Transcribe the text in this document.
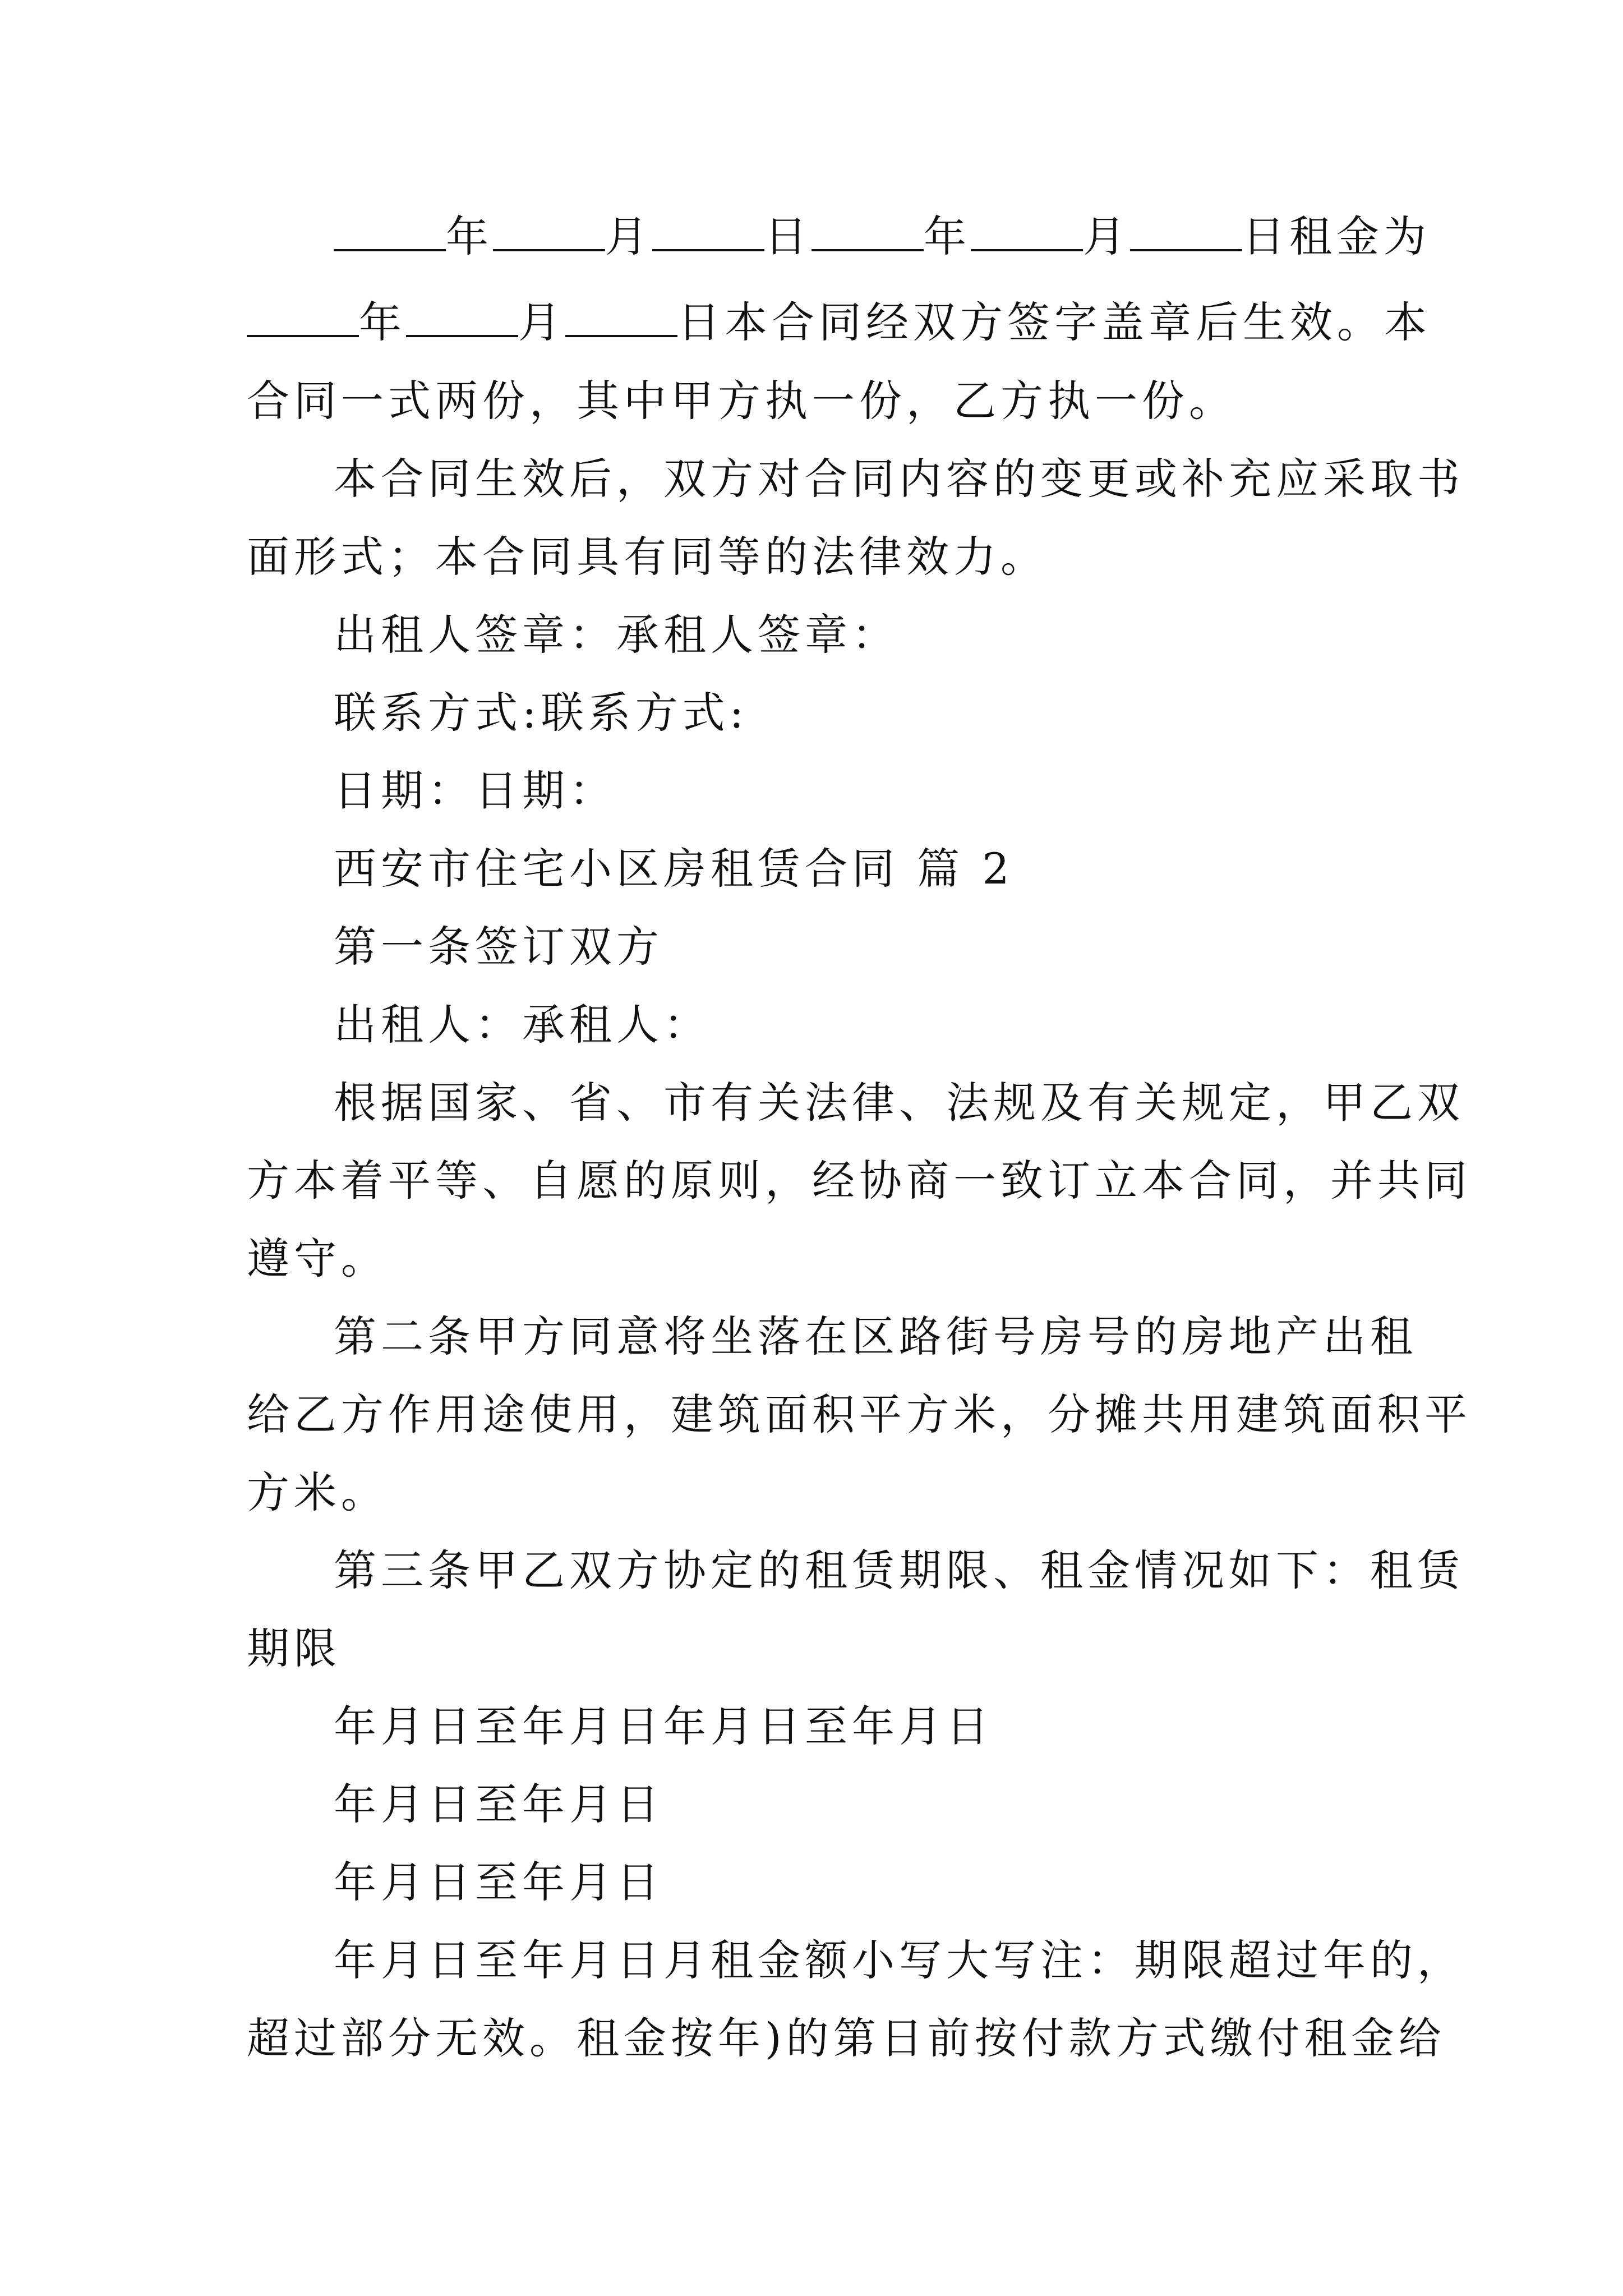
年	月	日	年	月	日租金为
年	月	日本合同经双方签字盖章后生效。本
合同一式两份，其中甲方执一份，乙方执一份。
本合同生效后，双方对合同内容的变更或补充应采取书
面形式；本合同具有同等的法律效力。
出租人签章：承租人签章：
联系方式:联系方式:
日期：日期：
西安市住宅小区房租赁合同 篇 2
第一条签订双方
出租人：承租人：
根据国家、省、市有关法律、法规及有关规定，甲乙双
方本着平等、自愿的原则，经协商一致订立本合同，并共同
遵守。
第二条甲方同意将坐落在区路街号房号的房地产出租
给乙方作用途使用，建筑面积平方米，分摊共用建筑面积平
方米。
第三条甲乙双方协定的租赁期限、租金情况如下：租赁
期限
年月日至年月日年月日至年月日
年月日至年月日
年月日至年月日
年月日至年月日月租金额小写大写注：期限超过年的，
超过部分无效。租金按年)的第日前按付款方式缴付租金给
